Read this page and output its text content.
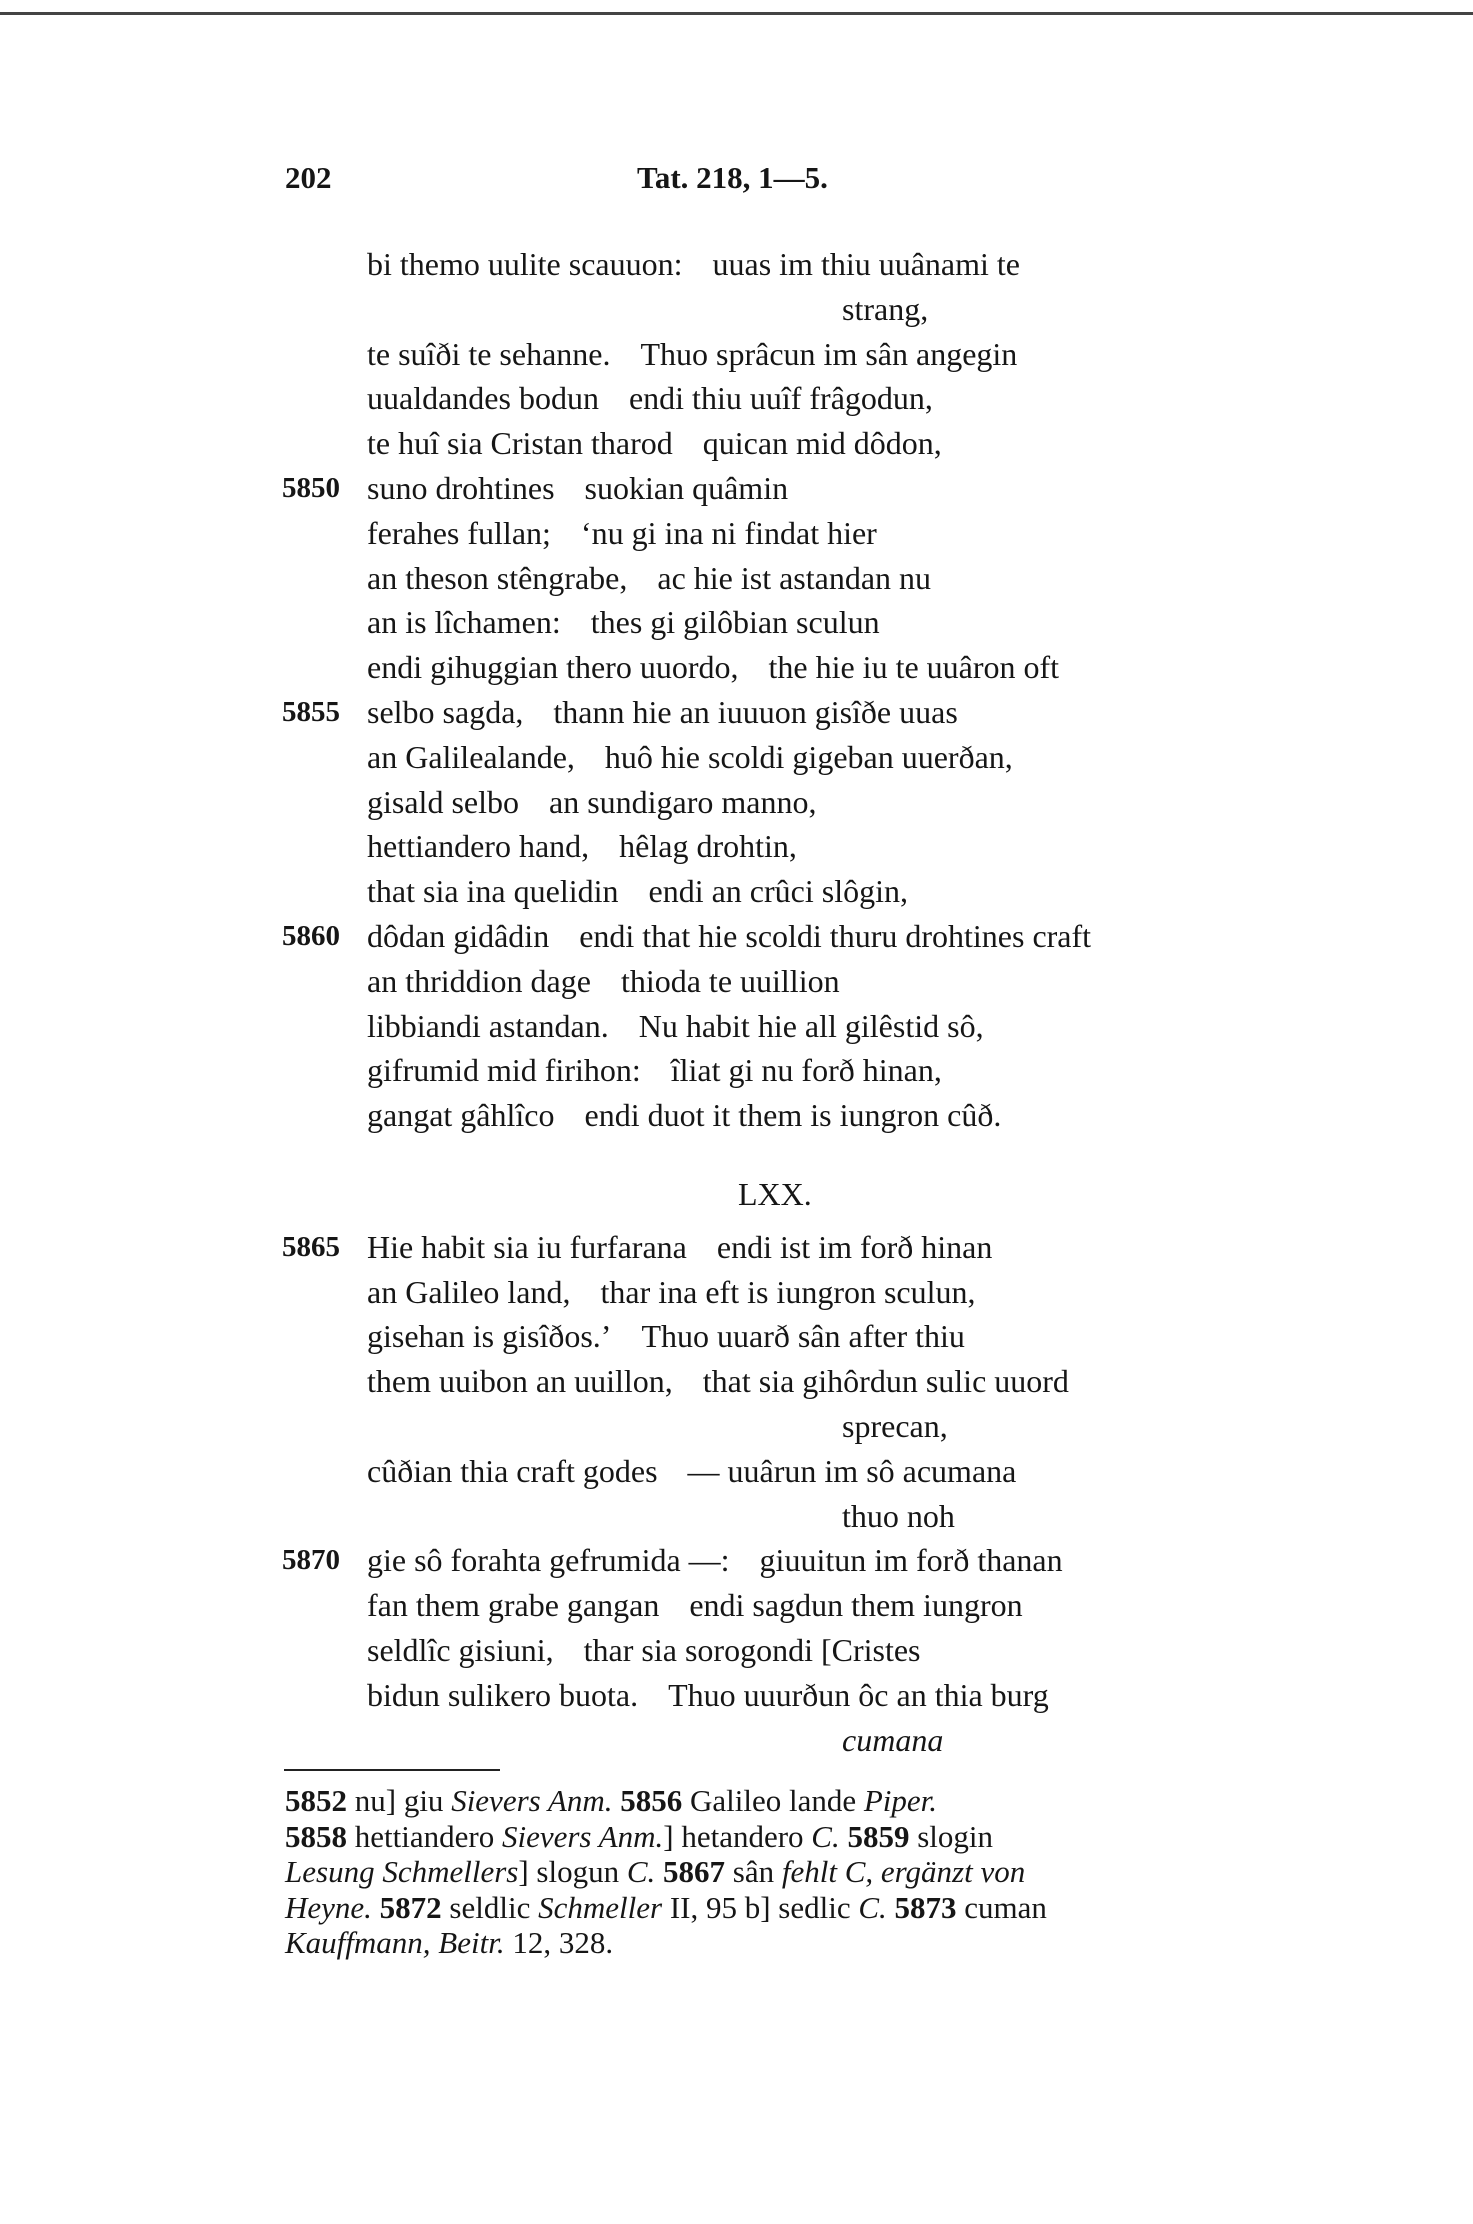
202	Tat. 218, 1—5.
bi themo uulite scauuon: uuas im thiu uuânami te
strang,
te suîði te sehanne. Thuo sprâcun im sân angegin
uualdandes bodun endi thiu uuîf frâgodun,
te huî sia Cristan tharod quican mid dôdon,
5850 suno drohtines suokian quâmin
ferahes fullan; ‘nu gi ina ni findat hier
an theson stêngrabe, ac hie ist astandan nu
an is lîchamen: thes gi gilôbian sculun
endi gihuggian thero uuordo, the hie iu te uuâron oft
5855 selbo sagda, thann hie an iuuuon gisîðe uuas
an Galilealande, huô hie scoldi gigeban uuerðan,
gisald selbo an sundigaro manno,
hettiandero hand, hêlag drohtin,
that sia ina quelidin endi an crûci slôgin,
5860 dôdan gidâdin endi that hie scoldi thuru drohtines craft
an thriddion dage thioda te uuillion
libbiandi astandan. Nu habit hie all gilêstid sô,
gifrumid mid firihon: îliat gi nu forð hinan,
gangat gâhlîco endi duot it them is iungron cûð.
LXX.
5865 Hie habit sia iu furfarana endi ist im forð hinan
an Galileo land, thar ina eft is iungron sculun,
gisehan is gisîðos.’ Thuo uuarð sân after thiu
them uuibon an uuillon, that sia gihôrdun sulic uuord
sprecan,
cûðian thia craft godes — uuârun im sô acumana
thuo noh
5870 gie sô forahta gefrumida —: giuuitun im forð thanan
fan them grabe gangan endi sagdun them iungron
seldlîc gisiuni, thar sia sorogondi [Cristes
bidun sulikero buota. Thuo uuurðun ôc an thia burg
cumana
5852 nu] giu Sievers Anm. 5856 Galileo lande Piper.
5858 hettiandero Sievers Anm.] hetandero C. 5859 slogin
Lesung Schmellers] slogun C. 5867 sân fehlt C, ergänzt von
Heyne. 5872 seldlic Schmeller II, 95 b] sedlic C. 5873 cuman
Kauffmann, Beitr. 12, 328.
